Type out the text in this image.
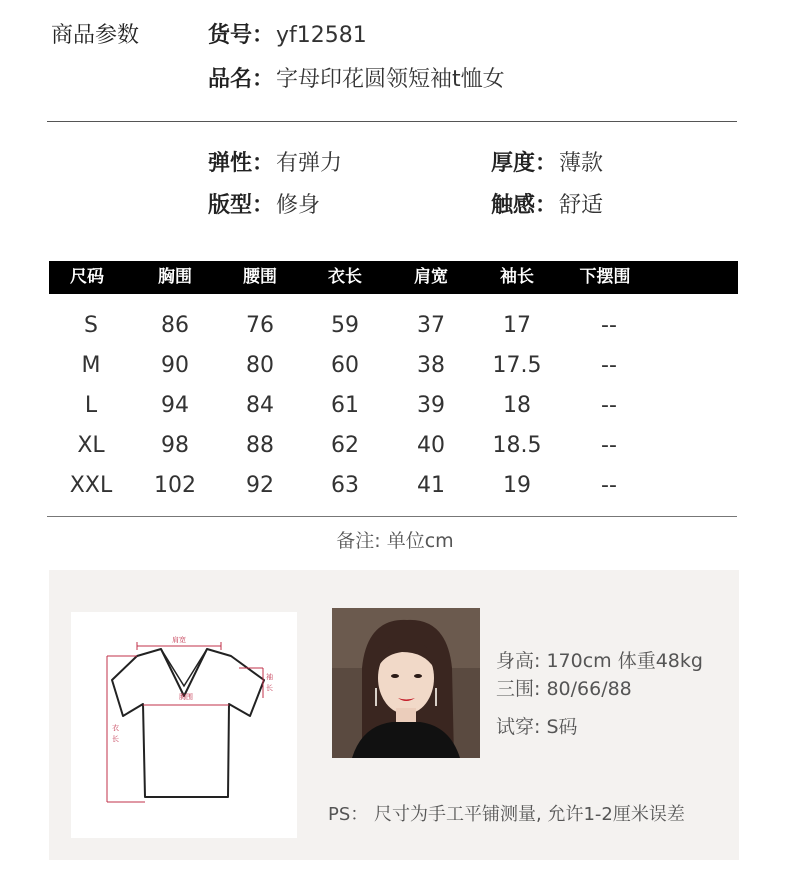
商品参数	货号：yf12581
品名：字母印花圆领短袖t恤女
弹性：有弹力	厚度：薄款
版型：修身	触感：舒适
尺码	胸围	腰围	衣长	肩宽	袖长	下摆围
S	86	76	59	37	17	--
M	90	80	60	38	17.5	--
L	94	84	61	39	18	--
XL	98	88	62	40	18.5	--
XXL	102	92	63	41	19	--
备注: 单位cm
肩宽
胸围
袖
长
衣
长
身高: 170cm 体重48kg
三围: 80/66/88
试穿: S码
PS： 尺寸为手工平铺测量, 允许1-2厘米误差
